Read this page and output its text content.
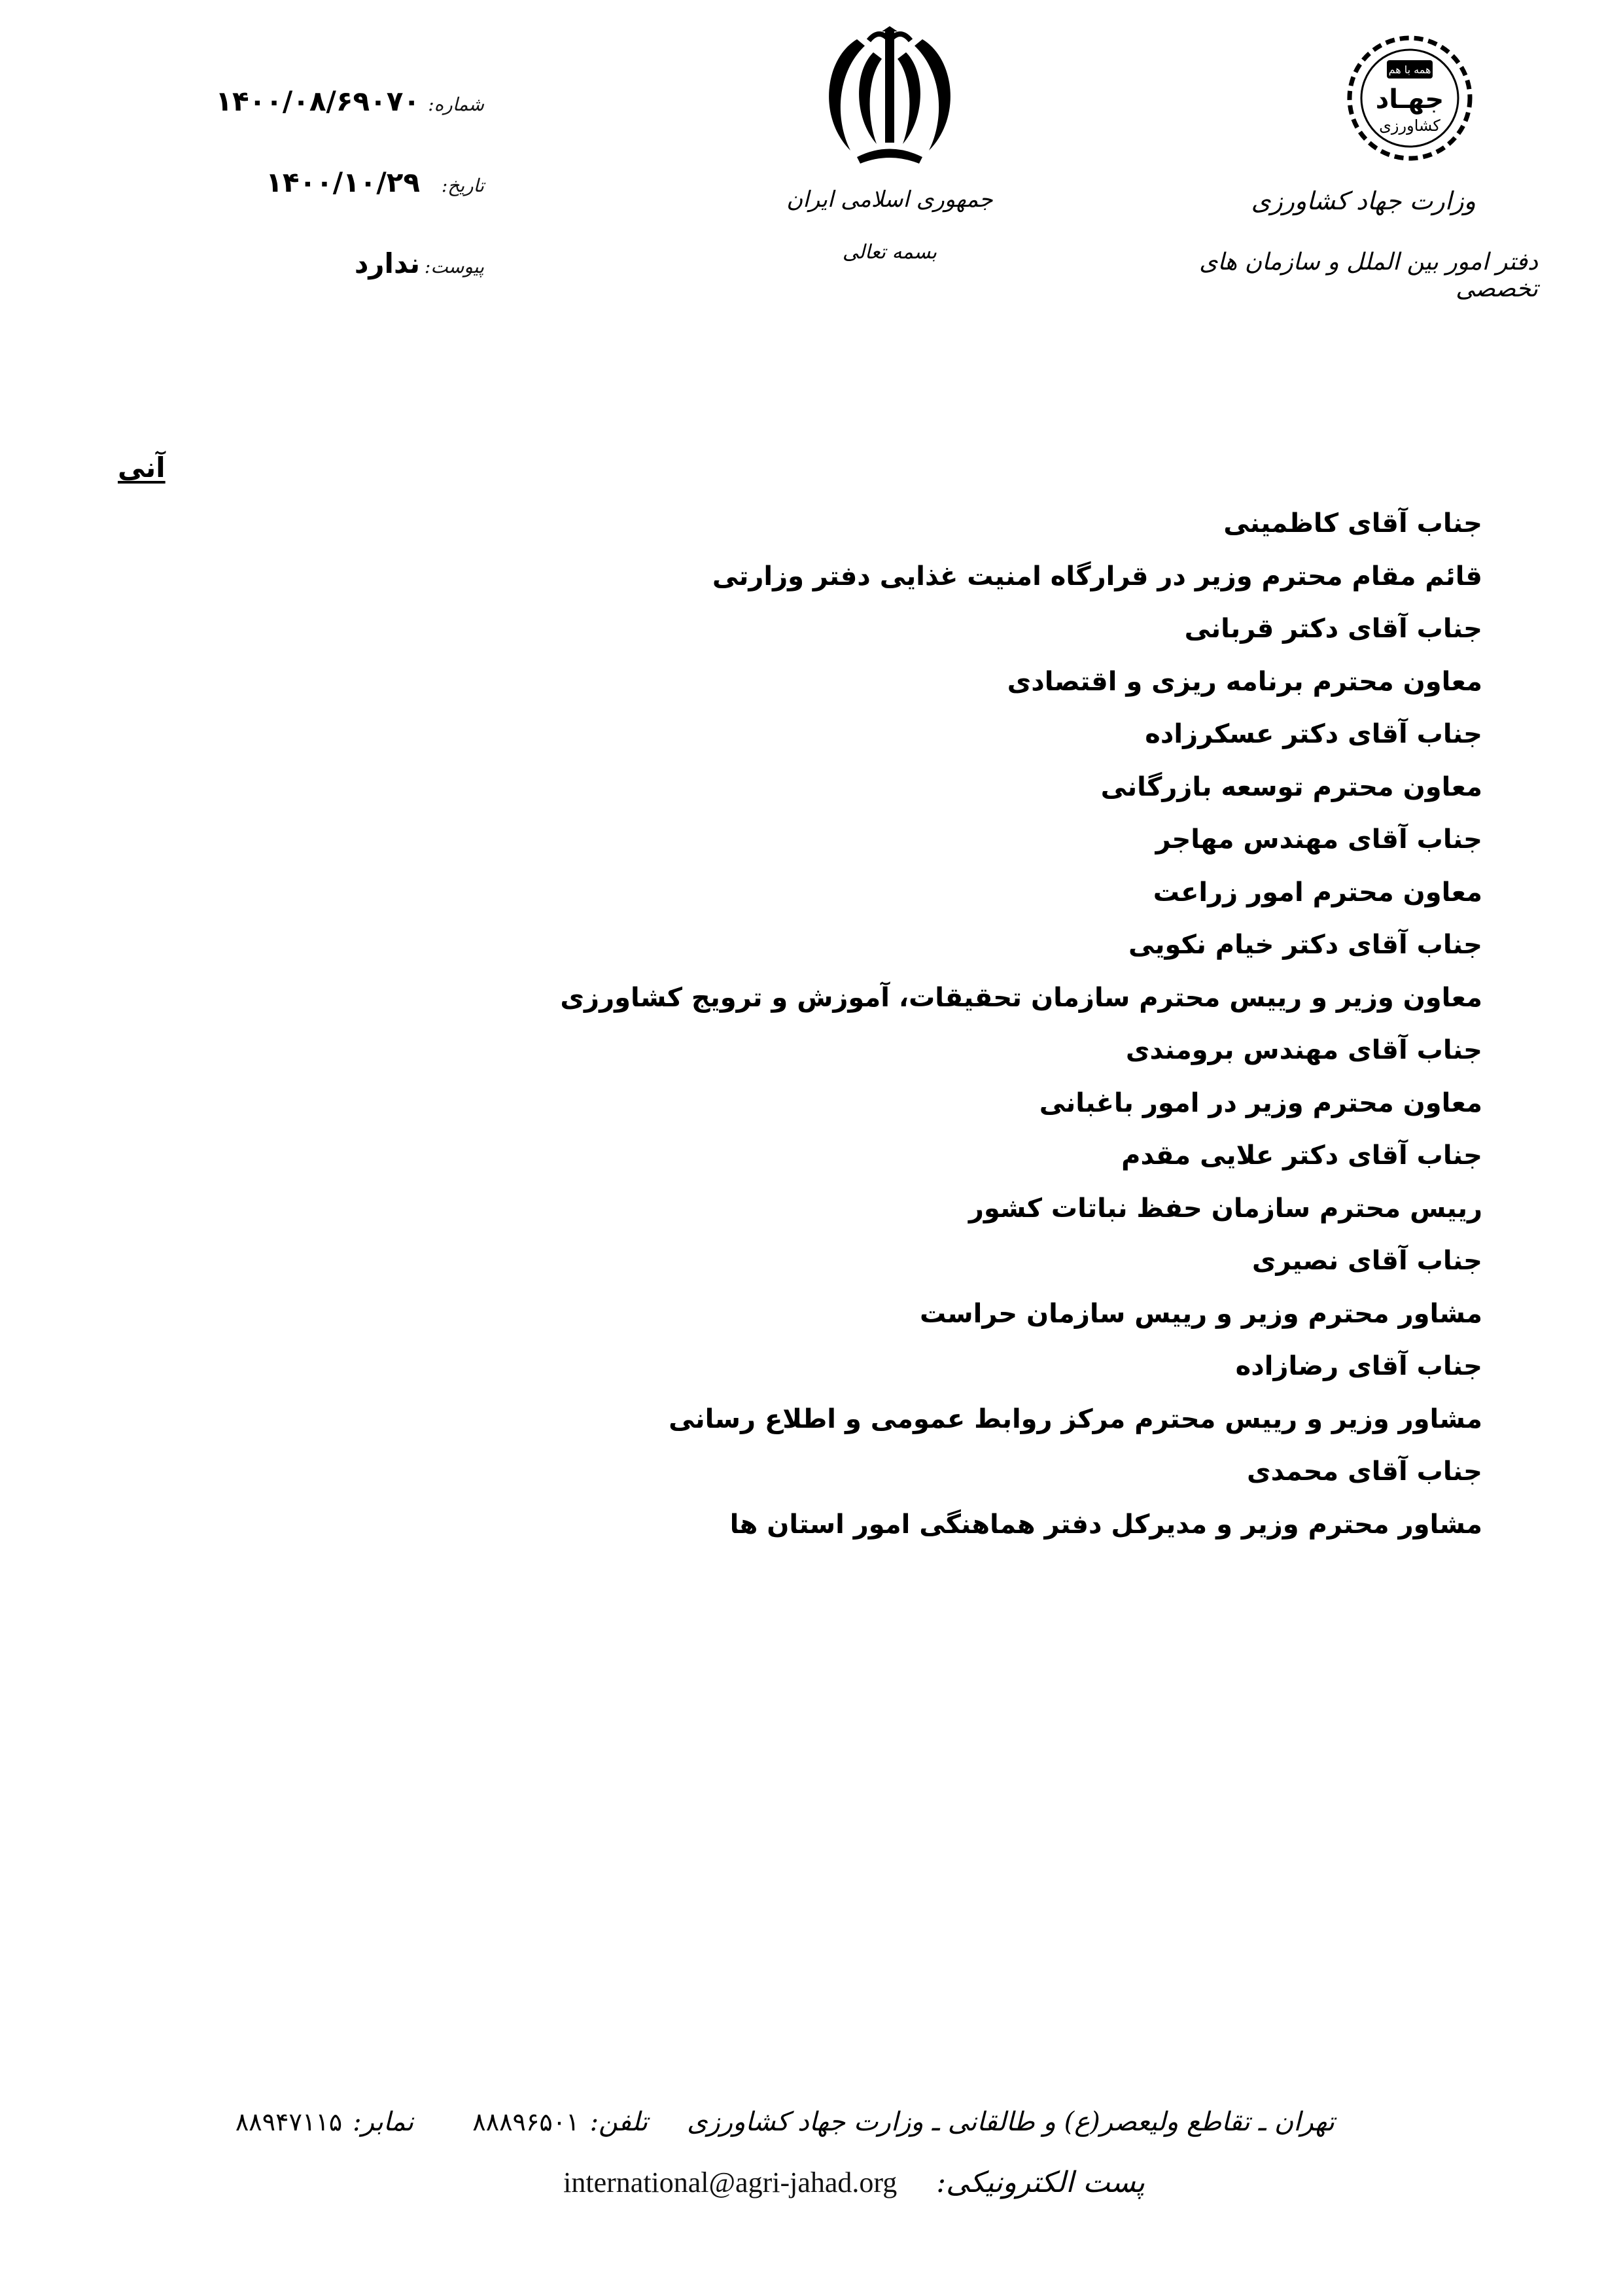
شماره:
۱۴۰۰/۰۸/۶۹۰۷۰
تاریخ:
۱۴۰۰/۱۰/۲۹
پیوست:
ندارد
جمهوری اسلامی ایران
بسمه تعالی
همه با هم
جهـاد
کشاورزی
وزارت جهاد کشاورزی
دفتر امور بین الملل و سازمان های تخصصی
آنی
جناب آقای کاظمینی
قائم مقام محترم وزیر در قرارگاه امنیت غذایی دفتر وزارتی
جناب آقای دکتر قربانی
معاون محترم برنامه ریزی و اقتصادی
جناب آقای دکتر عسکرزاده
معاون محترم توسعه بازرگانی
جناب آقای مهندس مهاجر
معاون محترم امور زراعت
جناب آقای دکتر خیام نکویی
معاون وزیر و رییس محترم سازمان تحقیقات، آموزش و ترویج کشاورزی
جناب آقای مهندس برومندی
معاون محترم وزیر در امور باغبانی
جناب آقای دکتر علایی مقدم
رییس محترم سازمان حفظ نباتات کشور
جناب آقای نصیری
مشاور محترم وزیر و رییس سازمان حراست
جناب آقای رضازاده
مشاور وزیر و رییس محترم مرکز روابط عمومی و اطلاع رسانی
جناب آقای محمدی
مشاور محترم وزیر و مدیرکل دفتر هماهنگی امور استان ها
تهران ـ تقاطع ولیعصر(ع) و طالقانی ـ وزارت جهاد کشاورزی
تلفن:
۸۸۸۹۶۵۰۱
نمابر:
۸۸۹۴۷۱۱۵
پست الکترونیکی:
international@agri-jahad.org
